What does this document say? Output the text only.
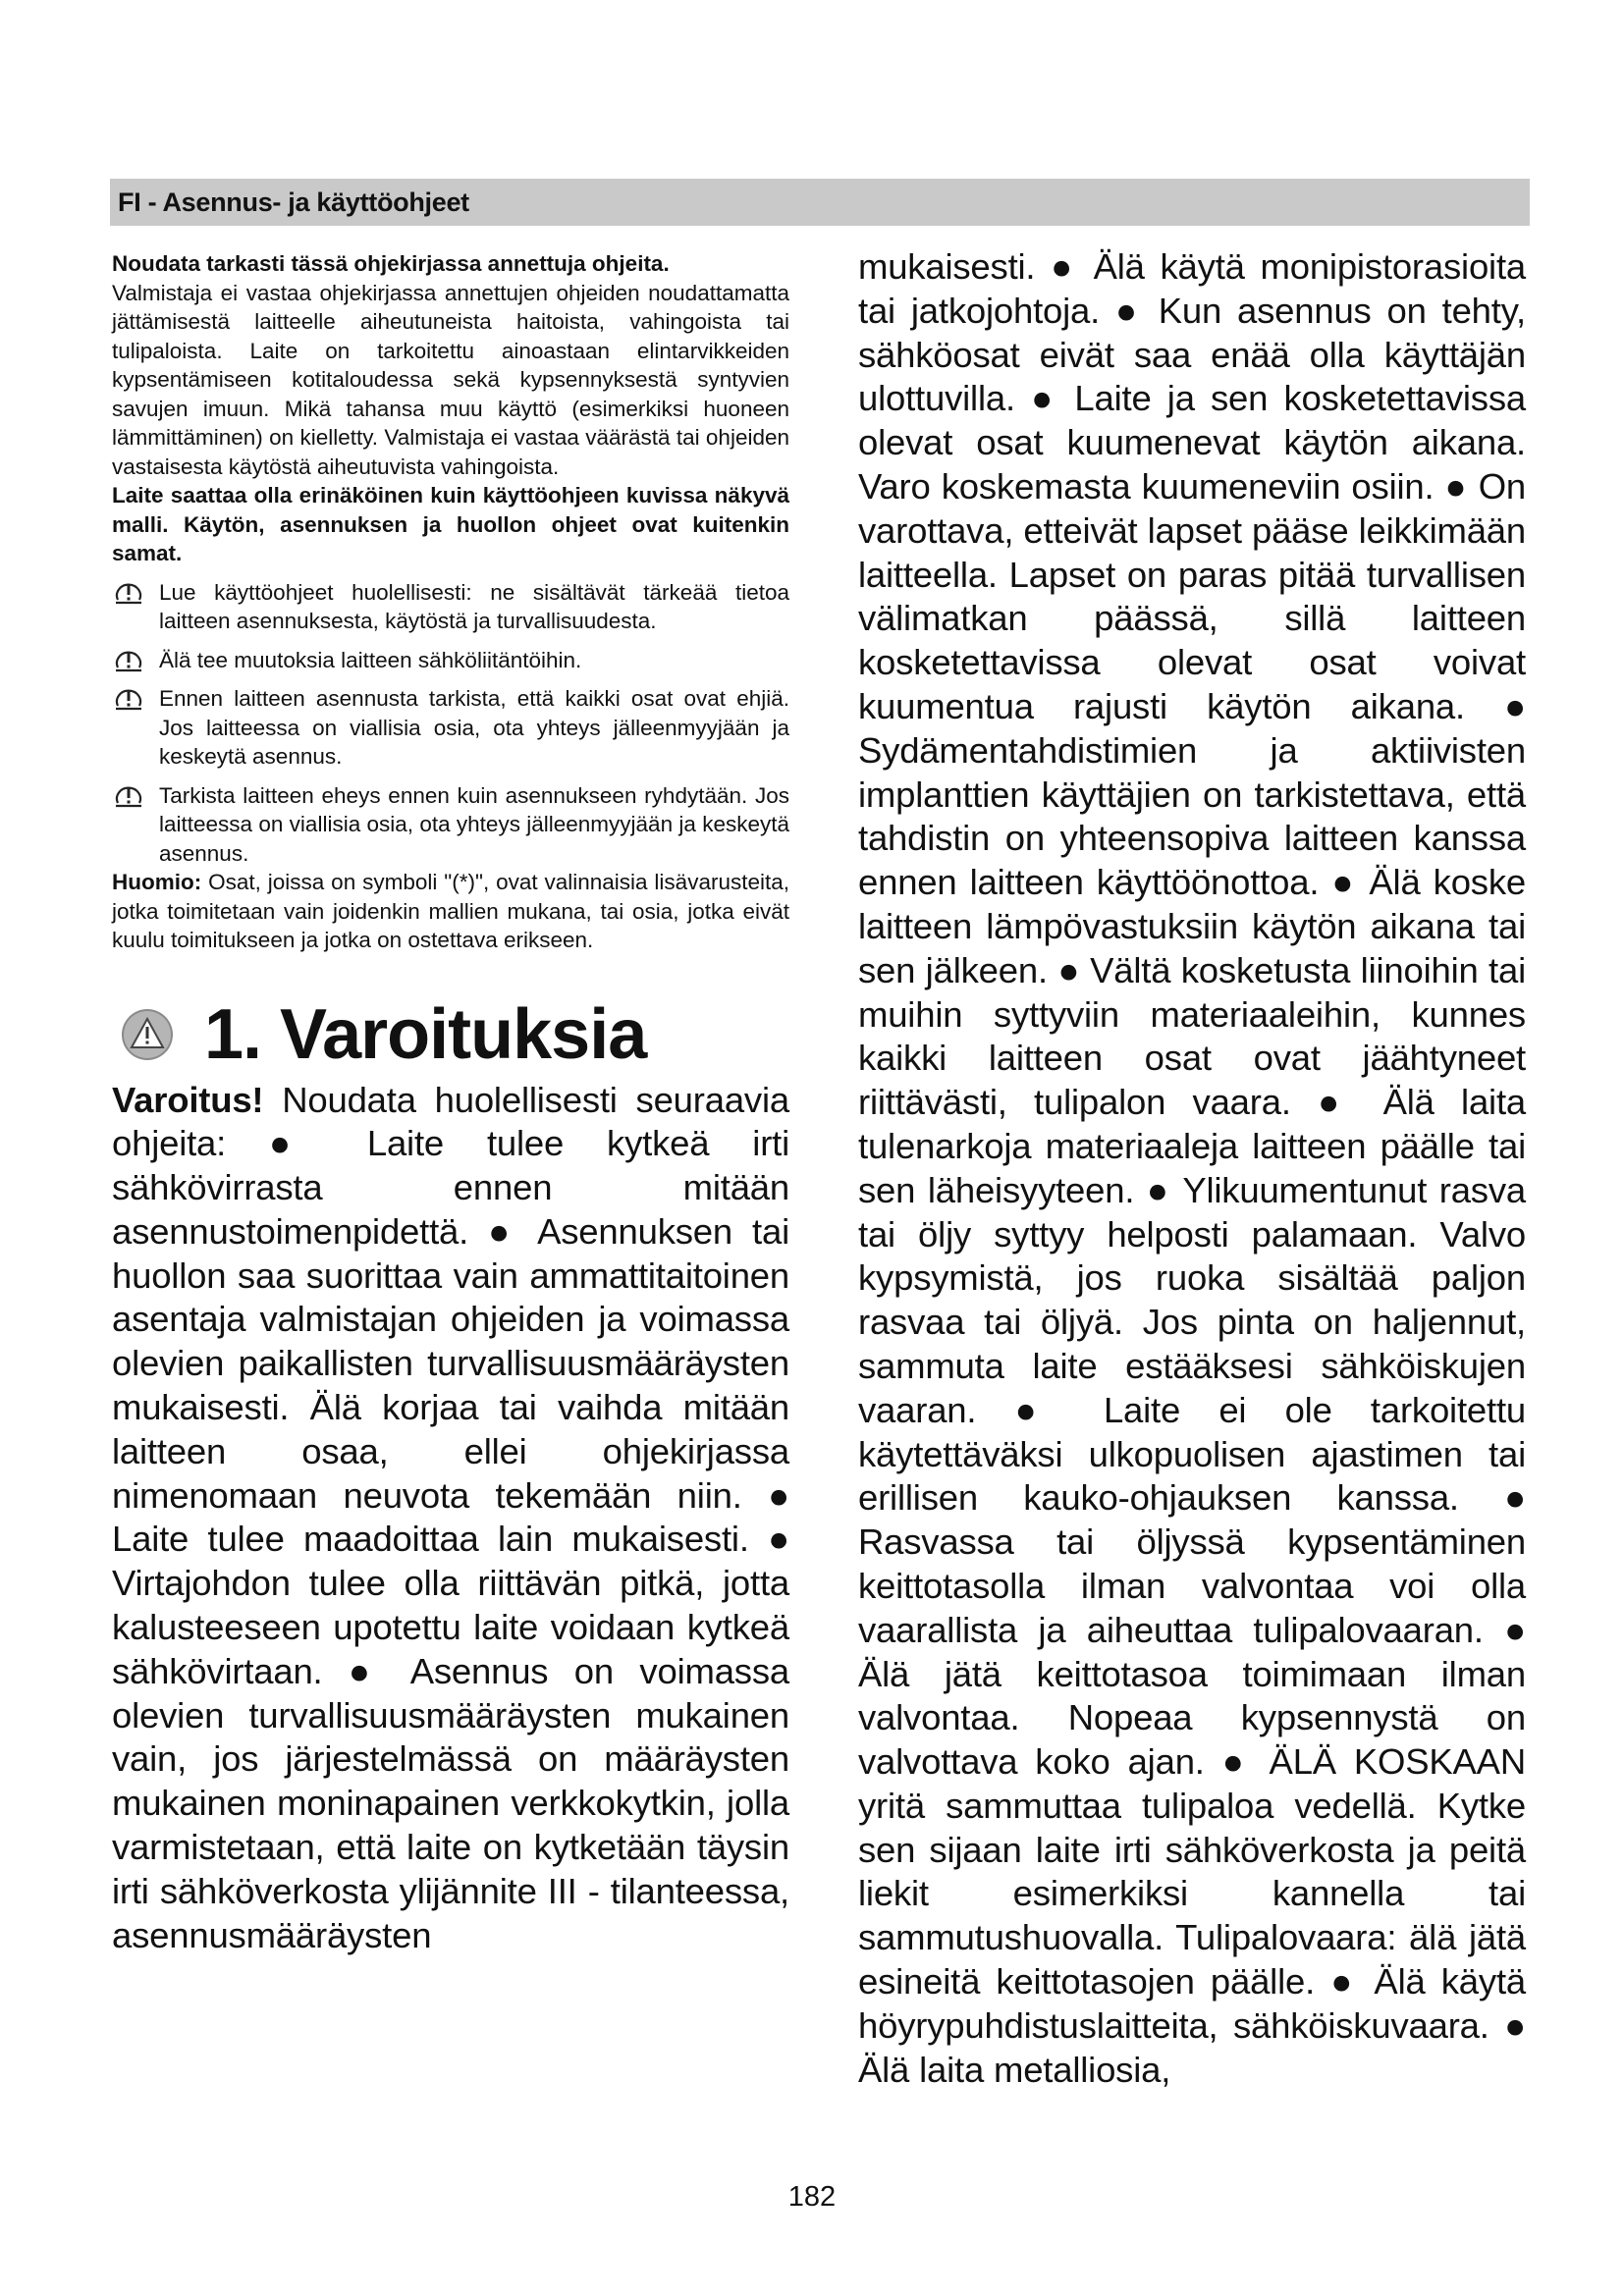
FI - Asennus- ja käyttöohjeet

Noudata tarkasti tässä ohjekirjassa annettuja ohjeita.

Valmistaja ei vastaa ohjekirjassa annettujen ohjeiden noudattamatta jättämisestä laitteelle aiheutuneista haitoista, vahingoista tai tulipaloista. Laite on tarkoitettu ainoastaan elintarvikkeiden kypsentämiseen kotitaloudessa sekä kypsennyksestä syntyvien savujen imuun. Mikä tahansa muu käyttö (esimerkiksi huoneen lämmittäminen) on kielletty. Valmistaja ei vastaa väärästä tai ohjeiden vastaisesta käytöstä aiheutuvista vahingoista.

Laite saattaa olla erinäköinen kuin käyttöohjeen kuvissa näkyvä malli. Käytön, asennuksen ja huollon ohjeet ovat kuitenkin samat.

Lue käyttöohjeet huolellisesti: ne sisältävät tärkeää tietoa laitteen asennuksesta, käytöstä ja turvallisuudesta.

Älä tee muutoksia laitteen sähköliitäntöihin.

Ennen laitteen asennusta tarkista, että kaikki osat ovat ehjiä. Jos laitteessa on viallisia osia, ota yhteys jälleenmyyjään ja keskeytä asennus.

Tarkista laitteen eheys ennen kuin asennukseen ryhdytään. Jos laitteessa on viallisia osia, ota yhteys jälleenmyyjään ja keskeytä asennus.

Huomio: Osat, joissa on symboli "(*)", ovat valinnaisia lisävarusteita, jotka toimitetaan vain joidenkin mallien mukana, tai osia, jotka eivät kuulu toimitukseen ja jotka on ostettava erikseen.

1. Varoituksia

Varoitus! Noudata huolellisesti seuraavia ohjeita: ● Laite tulee kytkeä irti sähkövirrasta ennen mitään asennustoimenpidettä. ● Asennuksen tai huollon saa suorittaa vain ammattitaitoinen asentaja valmistajan ohjeiden ja voimassa olevien paikallisten turvallisuusmääräysten mukaisesti. Älä korjaa tai vaihda mitään laitteen osaa, ellei ohjekirjassa nimenomaan neuvota tekemään niin. ● Laite tulee maadoittaa lain mukaisesti. ● Virtajohdon tulee olla riittävän pitkä, jotta kalusteeseen upotettu laite voidaan kytkeä sähkövirtaan. ● Asennus on voimassa olevien turvallisuusmääräysten mukainen vain, jos järjestelmässä on määräysten mukainen moninapainen verkkokytkin, jolla varmistetaan, että laite on kytketään täysin irti sähköverkosta ylijännite III - tilanteessa, asennusmääräysten

mukaisesti. ● Älä käytä monipistorasioita tai jatkojohtoja. ● Kun asennus on tehty, sähköosat eivät saa enää olla käyttäjän ulottuvilla. ● Laite ja sen kosketettavissa olevat osat kuumenevat käytön aikana. Varo koskemasta kuumeneviin osiin. ● On varottava, etteivät lapset pääse leikkimään laitteella. Lapset on paras pitää turvallisen välimatkan päässä, sillä laitteen kosketettavissa olevat osat voivat kuumentua rajusti käytön aikana. ● Sydämentahdistimien ja aktiivisten implanttien käyttäjien on tarkistettava, että tahdistin on yhteensopiva laitteen kanssa ennen laitteen käyttöönottoa. ● Älä koske laitteen lämpövastuksiin käytön aikana tai sen jälkeen. ● Vältä kosketusta liinoihin tai muihin syttyviin materiaaleihin, kunnes kaikki laitteen osat ovat jäähtyneet riittävästi, tulipalon vaara. ● Älä laita tulenarkoja materiaaleja laitteen päälle tai sen läheisyyteen. ● Ylikuumentunut rasva tai öljy syttyy helposti palamaan. Valvo kypsymistä, jos ruoka sisältää paljon rasvaa tai öljyä. Jos pinta on haljennut, sammuta laite estääksesi sähköiskujen vaaran. ● Laite ei ole tarkoitettu käytettäväksi ulkopuolisen ajastimen tai erillisen kauko-ohjauksen kanssa. ● Rasvassa tai öljyssä kypsentäminen keittotasolla ilman valvontaa voi olla vaarallista ja aiheuttaa tulipalovaaran. ● Älä jätä keittotasoa toimimaan ilman valvontaa. Nopeaa kypsennystä on valvottava koko ajan. ● ÄLÄ KOSKAAN yritä sammuttaa tulipaloa vedellä. Kytke sen sijaan laite irti sähköverkosta ja peitä liekit esimerkiksi kannella tai sammutushuovalla. Tulipalovaara: älä jätä esineitä keittotasojen päälle. ● Älä käytä höyrypuhdistuslaitteita, sähköiskuvaara. ● Älä laita metalliosia,

182
